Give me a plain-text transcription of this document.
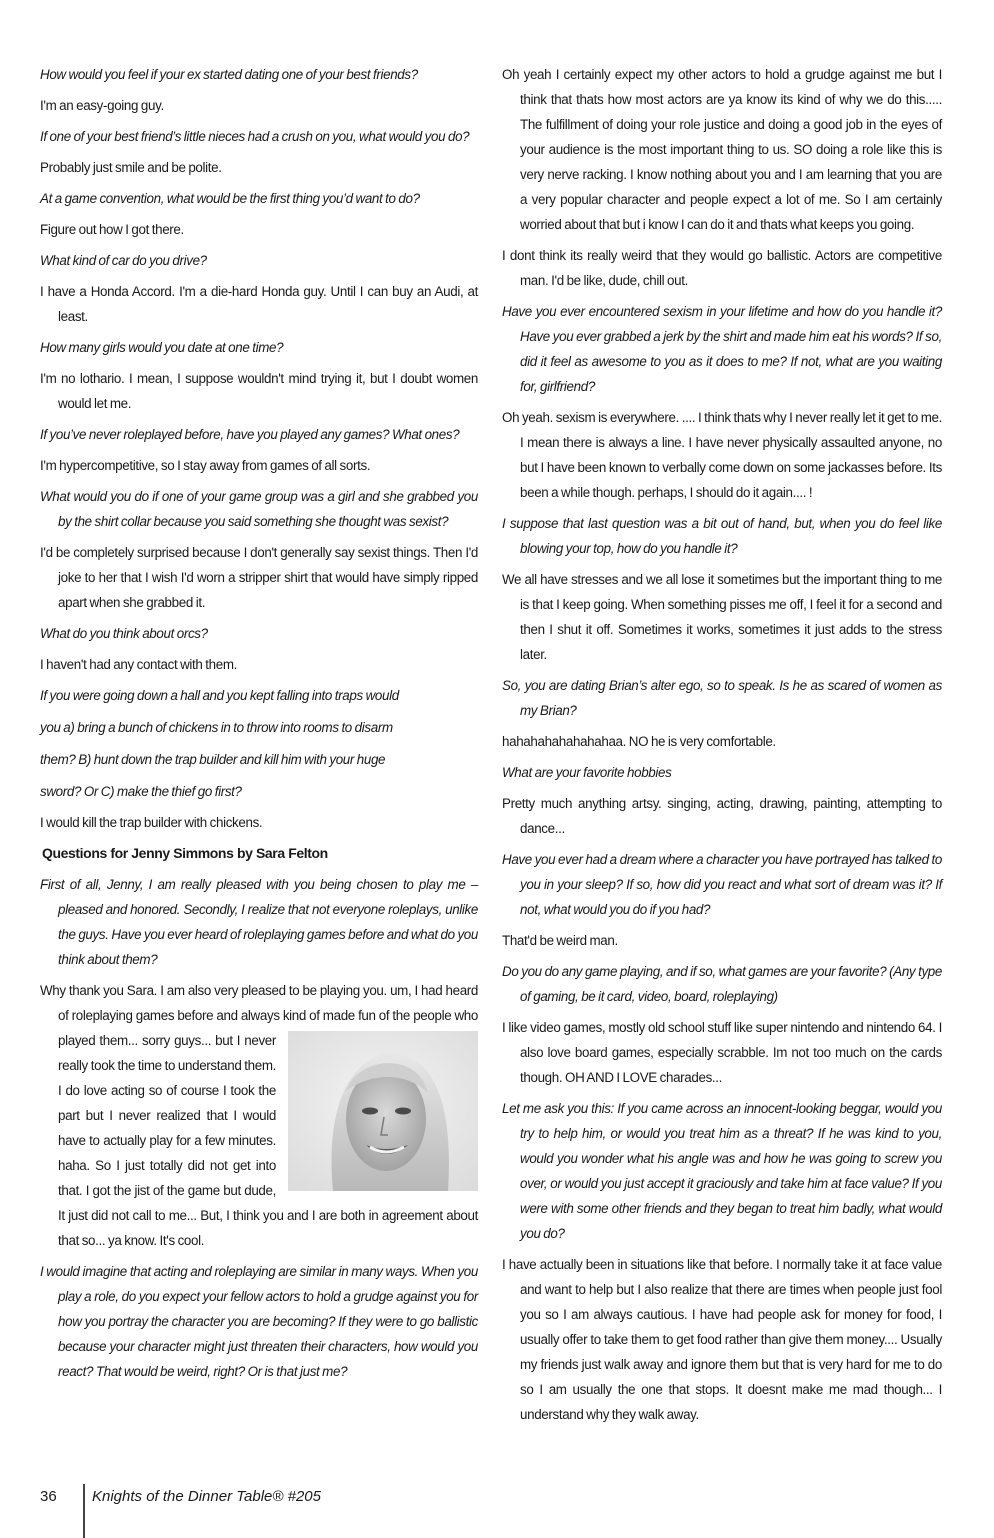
How would you feel if your ex started dating one of your best friends?

I'm an easy-going guy.

If one of your best friend’s little nieces had a crush on you, what would you do?

Probably just smile and be polite.

At a game convention, what would be the first thing you’d want to do?

Figure out how I got there.

What kind of car do you drive?

I have a Honda Accord. I'm a die-hard Honda guy. Until I can buy an Audi, at least.

How many girls would you date at one time?

I'm no lothario. I mean, I suppose wouldn't mind trying it, but I doubt women would let me.

If you’ve never roleplayed before, have you played any games? What ones?

I'm hypercompetitive, so I stay away from games of all sorts.

What would you do if one of your game group was a girl and she grabbed you by the shirt collar because you said something she thought was sexist?

I'd be completely surprised because I don't generally say sexist things. Then I'd joke to her that I wish I'd worn a stripper shirt that would have simply ripped apart when she grabbed it.

What do you think about orcs?

I haven't had any contact with them.

If you were going down a hall and you kept falling into traps would

you a) bring a bunch of chickens in to throw into rooms to disarm

them? B) hunt down the trap builder and kill him with your huge

sword? Or C) make the thief go first?

I would kill the trap builder with chickens.

Questions for Jenny Simmons by Sara Felton

First of all, Jenny, I am really pleased with you being chosen to play me – pleased and honored. Secondly, I realize that not everyone roleplays, unlike the guys. Have you ever heard of roleplaying games before and what do you think about them?

Why thank you Sara. I am also very pleased to be playing you. um, I had heard of roleplaying games before and always kind of made fun of the people who played them... sorry guys... but I never really took the time to understand them. I do love acting so of course I took the part but I never realized that I would have to actually play for a few minutes. haha. So I just totally did not get into that. I got the jist of the game but dude, It just did not call to me... But, I think you and I are both in agreement about that so... ya know. It's cool.

I would imagine that acting and roleplaying are similar in many ways. When you play a role, do you expect your fellow actors to hold a grudge against you for how you portray the character you are becoming? If they were to go ballistic because your character might just threaten their characters, how would you react? That would be weird, right? Or is that just me?

Oh yeah I certainly expect my other actors to hold a grudge against me but I think that thats how most actors are ya know its kind of why we do this..... The fulfillment of doing your role justice and doing a good job in the eyes of your audience is the most important thing to us. SO doing a role like this is very nerve racking. I know nothing about you and I am learning that you are a very popular character and people expect a lot of me. So I am certainly worried about that but i know I can do it and thats what keeps you going.

I dont think its really weird that they would go ballistic. Actors are competitive man. I'd be like, dude, chill out.

Have you ever encountered sexism in your lifetime and how do you handle it? Have you ever grabbed a jerk by the shirt and made him eat his words? If so, did it feel as awesome to you as it does to me? If not, what are you waiting for, girlfriend?

Oh yeah. sexism is everywhere. .... I think thats why I never really let it get to me. I mean there is always a line. I have never physically assaulted anyone, no but I have been known to verbally come down on some jackasses before. Its been a while though. perhaps, I should do it again.... !

I suppose that last question was a bit out of hand, but, when you do feel like blowing your top, how do you handle it?

We all have stresses and we all lose it sometimes but the important thing to me is that I keep going. When something pisses me off, I feel it for a second and then I shut it off. Sometimes it works, sometimes it just adds to the stress later.

So, you are dating Brian’s alter ego, so to speak. Is he as scared of women as my Brian?

hahahahahahahahaa. NO he is very comfortable.

What are your favorite hobbies

Pretty much anything artsy. singing, acting, drawing, painting, attempting to dance...

Have you ever had a dream where a character you have portrayed has talked to you in your sleep? If so, how did you react and what sort of dream was it? If not, what would you do if you had?

That'd be weird man.

Do you do any game playing, and if so, what games are your favorite? (Any type of gaming, be it card, video, board, roleplaying)

I like video games, mostly old school stuff like super nintendo and nintendo 64. I also love board games, especially scrabble. Im not too much on the cards though. OH AND I LOVE charades...

Let me ask you this: If you came across an innocent-looking beggar, would you try to help him, or would you treat him as a threat? If he was kind to you, would you wonder what his angle was and how he was going to screw you over, or would you just accept it graciously and take him at face value? If you were with some other friends and they began to treat him badly, what would you do?

I have actually been in situations like that before. I normally take it at face value and want to help but I also realize that there are times when people just fool you so I am always cautious. I have had people ask for money for food, I usually offer to take them to get food rather than give them money.... Usually my friends just walk away and ignore them but that is very hard for me to do so I am usually the one that stops. It doesnt make me mad though... I understand why they walk away.

36 Knights of the Dinner Table® #205
